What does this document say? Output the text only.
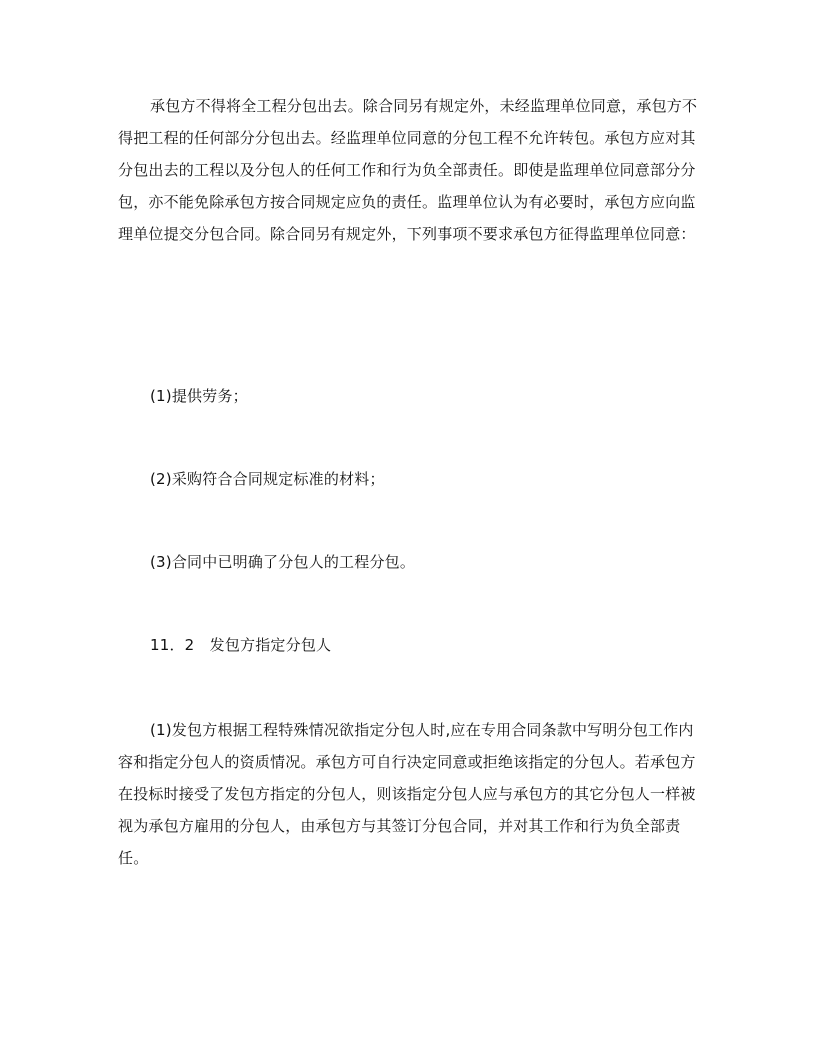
承包方不得将全工程分包出去。除合同另有规定外，未经监理单位同意，承包方不得把工程的任何部分分包出去。经监理单位同意的分包工程不允许转包。承包方应对其分包出去的工程以及分包人的任何工作和行为负全部责任。即使是监理单位同意部分分包，亦不能免除承包方按合同规定应负的责任。监理单位认为有必要时，承包方应向监理单位提交分包合同。除合同另有规定外，下列事项不要求承包方征得监理单位同意：

(1)提供劳务；

(2)采购符合合同规定标准的材料；

(3)合同中已明确了分包人的工程分包。

11．2　发包方指定分包人

(1)发包方根据工程特殊情况欲指定分包人时,应在专用合同条款中写明分包工作内容和指定分包人的资质情况。承包方可自行决定同意或拒绝该指定的分包人。若承包方在投标时接受了发包方指定的分包人，则该指定分包人应与承包方的其它分包人一样被视为承包方雇用的分包人，由承包方与其签订分包合同，并对其工作和行为负全部责任。
